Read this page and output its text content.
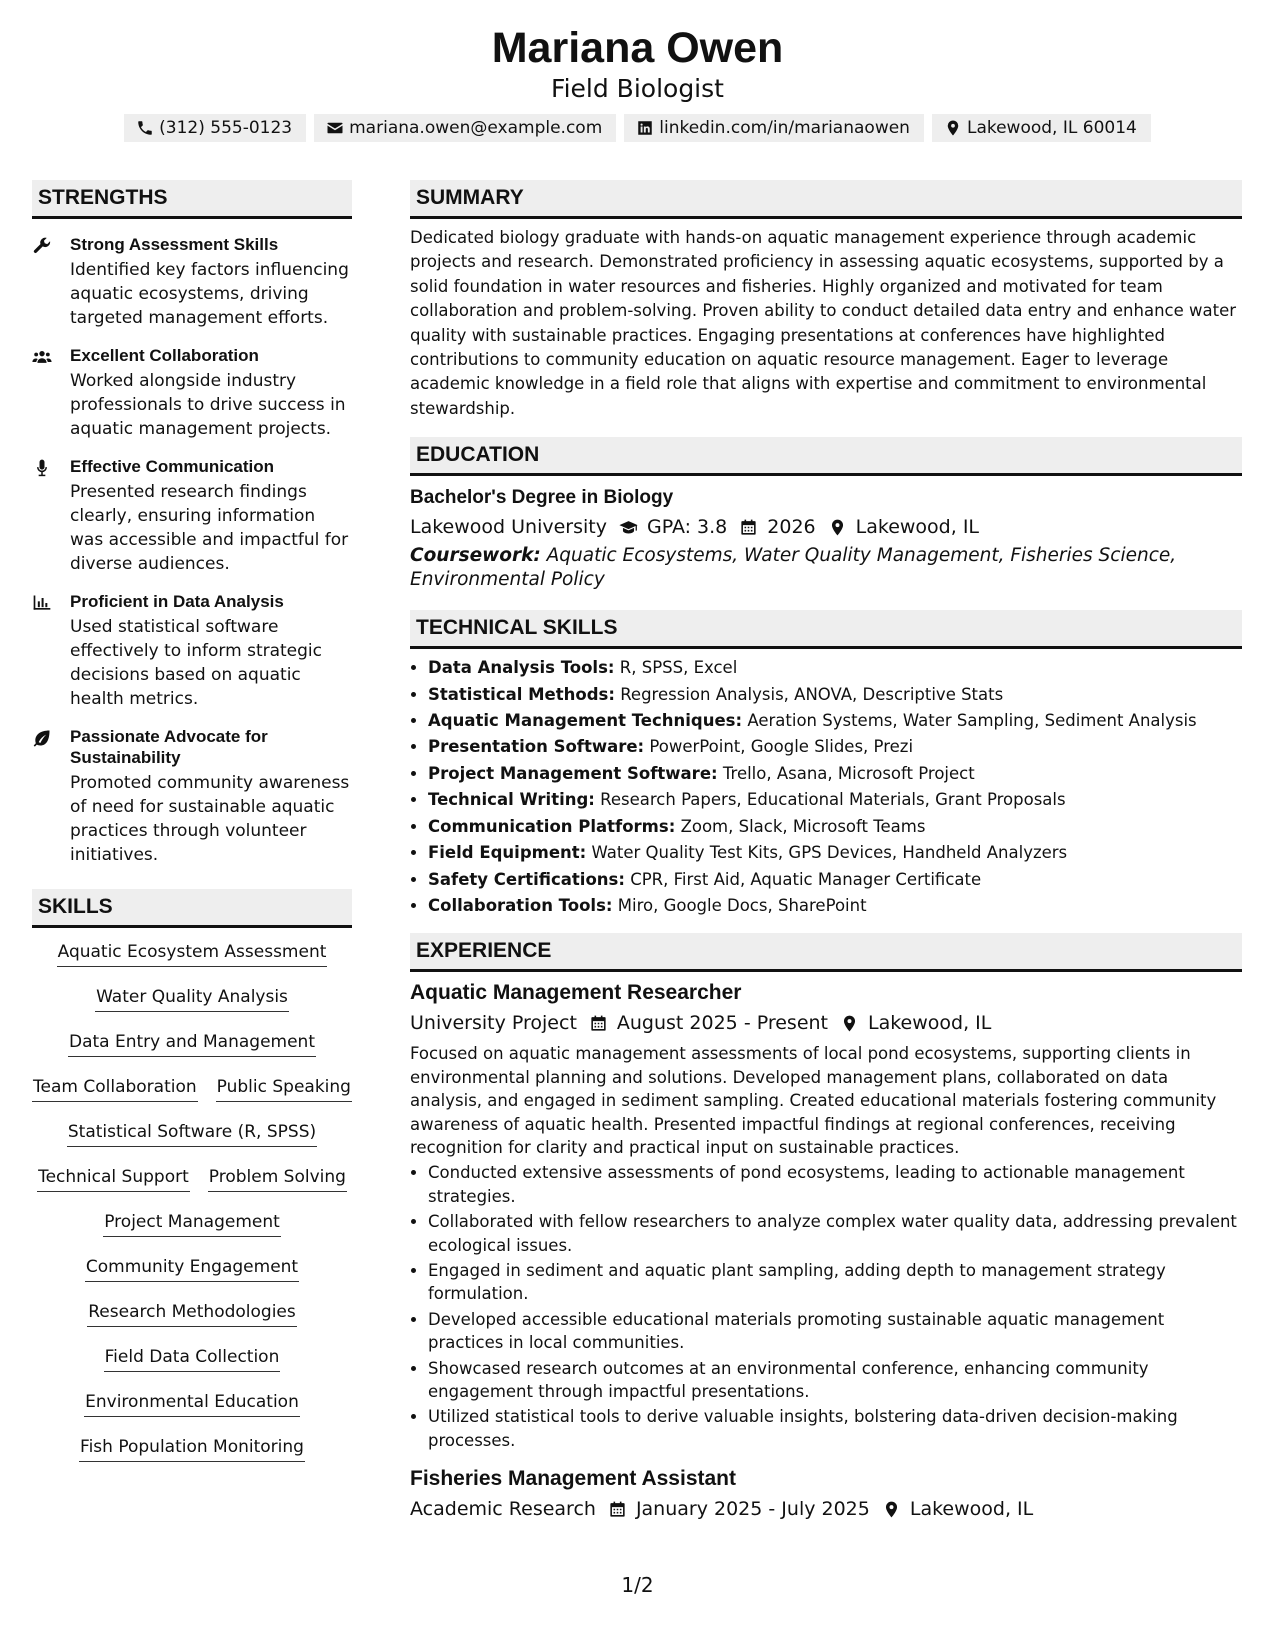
Mariana Owen
Field Biologist
(312) 555-0123	mariana.owen@example.com	linkedin.com/in/marianaowen	Lakewood, IL 60014
STRENGTHS
Strong Assessment Skills
Identified key factors influencing aquatic ecosystems, driving targeted management efforts.
Excellent Collaboration
Worked alongside industry professionals to drive success in aquatic management projects.
Effective Communication
Presented research findings clearly, ensuring information was accessible and impactful for diverse audiences.
Proficient in Data Analysis
Used statistical software effectively to inform strategic decisions based on aquatic health metrics.
Passionate Advocate for Sustainability
Promoted community awareness of need for sustainable aquatic practices through volunteer initiatives.
SKILLS
Aquatic Ecosystem Assessment
Water Quality Analysis
Data Entry and Management
Team Collaboration Public Speaking
Statistical Software (R, SPSS)
Technical Support Problem Solving
Project Management
Community Engagement
Research Methodologies
Field Data Collection
Environmental Education
Fish Population Monitoring
SUMMARY
Dedicated biology graduate with hands-on aquatic management experience through academic projects and research. Demonstrated proficiency in assessing aquatic ecosystems, supported by a solid foundation in water resources and fisheries. Highly organized and motivated for team collaboration and problem-solving. Proven ability to conduct detailed data entry and enhance water quality with sustainable practices. Engaging presentations at conferences have highlighted contributions to community education on aquatic resource management. Eager to leverage academic knowledge in a field role that aligns with expertise and commitment to environmental stewardship.
EDUCATION
Bachelor's Degree in Biology
Lakewood University GPA: 3.8 2026 Lakewood, IL
Coursework: Aquatic Ecosystems, Water Quality Management, Fisheries Science, Environmental Policy
TECHNICAL SKILLS
• Data Analysis Tools: R, SPSS, Excel
• Statistical Methods: Regression Analysis, ANOVA, Descriptive Stats
• Aquatic Management Techniques: Aeration Systems, Water Sampling, Sediment Analysis
• Presentation Software: PowerPoint, Google Slides, Prezi
• Project Management Software: Trello, Asana, Microsoft Project
• Technical Writing: Research Papers, Educational Materials, Grant Proposals
• Communication Platforms: Zoom, Slack, Microsoft Teams
• Field Equipment: Water Quality Test Kits, GPS Devices, Handheld Analyzers
• Safety Certifications: CPR, First Aid, Aquatic Manager Certificate
• Collaboration Tools: Miro, Google Docs, SharePoint
EXPERIENCE
Aquatic Management Researcher
University Project August 2025 - Present Lakewood, IL
Focused on aquatic management assessments of local pond ecosystems, supporting clients in environmental planning and solutions. Developed management plans, collaborated on data analysis, and engaged in sediment sampling. Created educational materials fostering community awareness of aquatic health. Presented impactful findings at regional conferences, receiving recognition for clarity and practical input on sustainable practices.
• Conducted extensive assessments of pond ecosystems, leading to actionable management strategies.
• Collaborated with fellow researchers to analyze complex water quality data, addressing prevalent ecological issues.
• Engaged in sediment and aquatic plant sampling, adding depth to management strategy formulation.
• Developed accessible educational materials promoting sustainable aquatic management practices in local communities.
• Showcased research outcomes at an environmental conference, enhancing community engagement through impactful presentations.
• Utilized statistical tools to derive valuable insights, bolstering data-driven decision-making processes.
Fisheries Management Assistant
Academic Research January 2025 - July 2025 Lakewood, IL
1/2
